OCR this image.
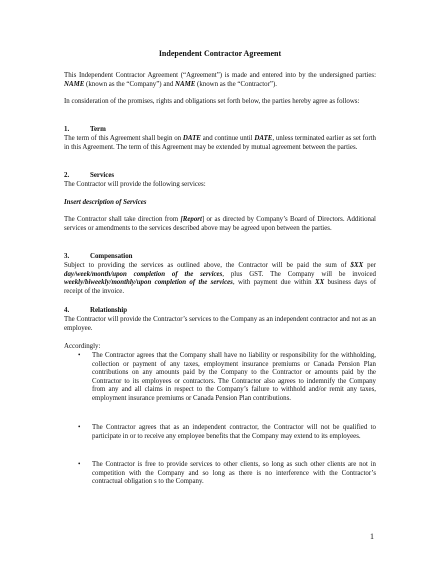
Independent Contractor Agreement
This Independent Contractor Agreement (“Agreement”) is made and entered into by the undersigned parties: NAME (known as the “Company”) and NAME (known as the “Contractor”).
In consideration of the promises, rights and obligations set forth below, the parties hereby agree as follows:
1.	Term
The term of this Agreement shall begin on DATE and continue until DATE, unless terminated earlier as set forth in this Agreement. The term of this Agreement may be extended by mutual agreement between the parties.
2.	Services
The Contractor will provide the following services:
Insert description of Services
The Contractor shall take direction from [Report] or as directed by Company’s Board of Directors. Additional services or amendments to the services described above may be agreed upon between the parties.
3.	Compensation
Subject to providing the services as outlined above, the Contractor will be paid the sum of $XX per day/week/month/upon completion of the services, plus GST. The Company will be invoiced weekly/biweekly/monthly/upon completion of the services, with payment due within XX business days of receipt of the invoice.
4.	Relationship
The Contractor will provide the Contractor’s services to the Company as an independent contractor and not as an employee.
Accordingly:
• The Contractor agrees that the Company shall have no liability or responsibility for the withholding, collection or payment of any taxes, employment insurance premiums or Canada Pension Plan contributions on any amounts paid by the Company to the Contractor or amounts paid by the Contractor to its employees or contractors. The Contractor also agrees to indemnify the Company from any and all claims in respect to the Company’s failure to withhold and/or remit any taxes, employment insurance premiums or Canada Pension Plan contributions.
• The Contractor agrees that as an independent contractor, the Contractor will not be qualified to participate in or to receive any employee benefits that the Company may extend to its employees.
• The Contractor is free to provide services to other clients, so long as such other clients are not in competition with the Company and so long as there is no interference with the Contractor’s contractual obligation s to the Company.
1
